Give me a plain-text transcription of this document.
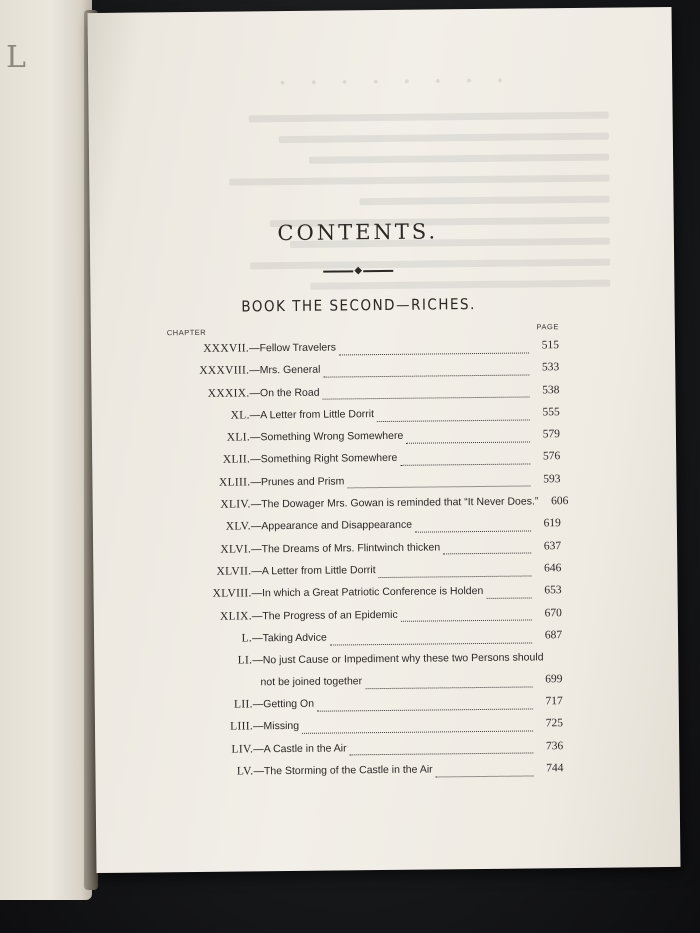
L
· · · · · · · ·
CONTENTS.
◆
BOOK THE SECOND—RICHES.
CHAPTER
PAGE
XXXVII. — Fellow Travelers	515
XXXVIII. — Mrs. General	533
XXXIX. — On the Road	538
XL. — A Letter from Little Dorrit	555
XLI. — Something Wrong Somewhere	579
XLII. — Something Right Somewhere	576
XLIII. — Prunes and Prism	593
XLIV. — The Dowager Mrs. Gowan is reminded that “It Never Does.”	606
XLV. — Appearance and Disappearance	619
XLVI. — The Dreams of Mrs. Flintwinch thicken	637
XLVII. — A Letter from Little Dorrit	646
XLVIII. — In which a Great Patriotic Conference is Holden	653
XLIX. — The Progress of an Epidemic	670
L. — Taking Advice	687
LI. — No just Cause or Impediment why these two Persons should
not be joined together	699
LII. — Getting On	717
LIII. — Missing	725
LIV. — A Castle in the Air	736
LV. — The Storming of the Castle in the Air	744
